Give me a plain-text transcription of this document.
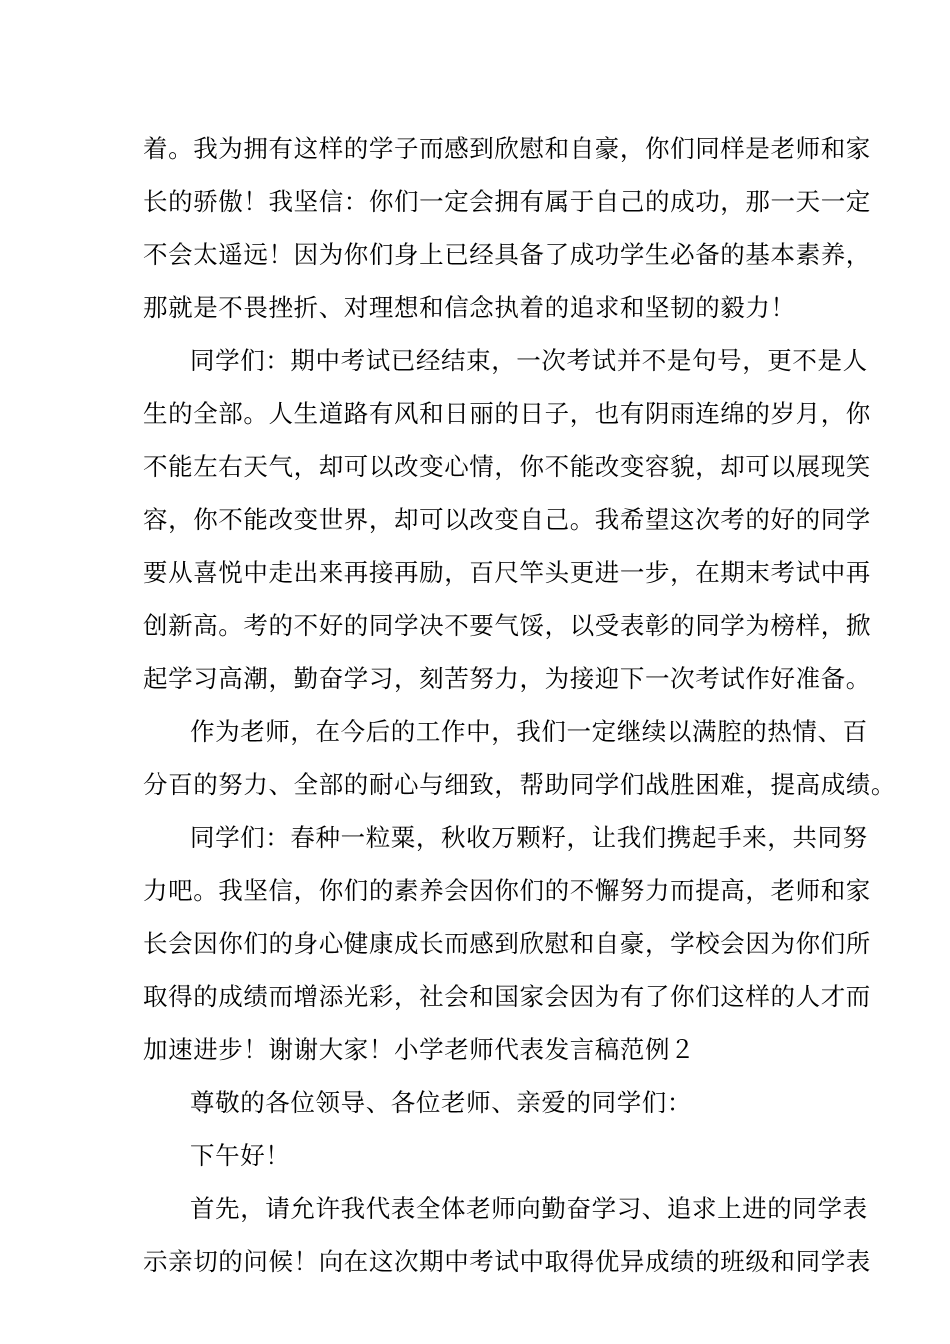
着。我为拥有这样的学子而感到欣慰和自豪，你们同样是老师和家
长的骄傲！我坚信：你们一定会拥有属于自己的成功，那一天一定
不会太遥远！因为你们身上已经具备了成功学生必备的基本素养，
那就是不畏挫折、对理想和信念执着的追求和坚韧的毅力！
同学们：期中考试已经结束，一次考试并不是句号，更不是人
生的全部。人生道路有风和日丽的日子，也有阴雨连绵的岁月，你
不能左右天气，却可以改变心情，你不能改变容貌，却可以展现笑
容，你不能改变世界，却可以改变自己。我希望这次考的好的同学
要从喜悦中走出来再接再励，百尺竿头更进一步，在期末考试中再
创新高。考的不好的同学决不要气馁，以受表彰的同学为榜样，掀
起学习高潮，勤奋学习，刻苦努力，为接迎下一次考试作好准备。
作为老师，在今后的工作中，我们一定继续以满腔的热情、百
分百的努力、全部的耐心与细致，帮助同学们战胜困难，提高成绩。
同学们：春种一粒粟，秋收万颗籽，让我们携起手来，共同努
力吧。我坚信，你们的素养会因你们的不懈努力而提高，老师和家
长会因你们的身心健康成长而感到欣慰和自豪，学校会因为你们所
取得的成绩而增添光彩，社会和国家会因为有了你们这样的人才而
加速进步！谢谢大家！小学老师代表发言稿范例２
尊敬的各位领导、各位老师、亲爱的同学们：
下午好！
首先，请允许我代表全体老师向勤奋学习、追求上进的同学表
示亲切的问候！向在这次期中考试中取得优异成绩的班级和同学表
